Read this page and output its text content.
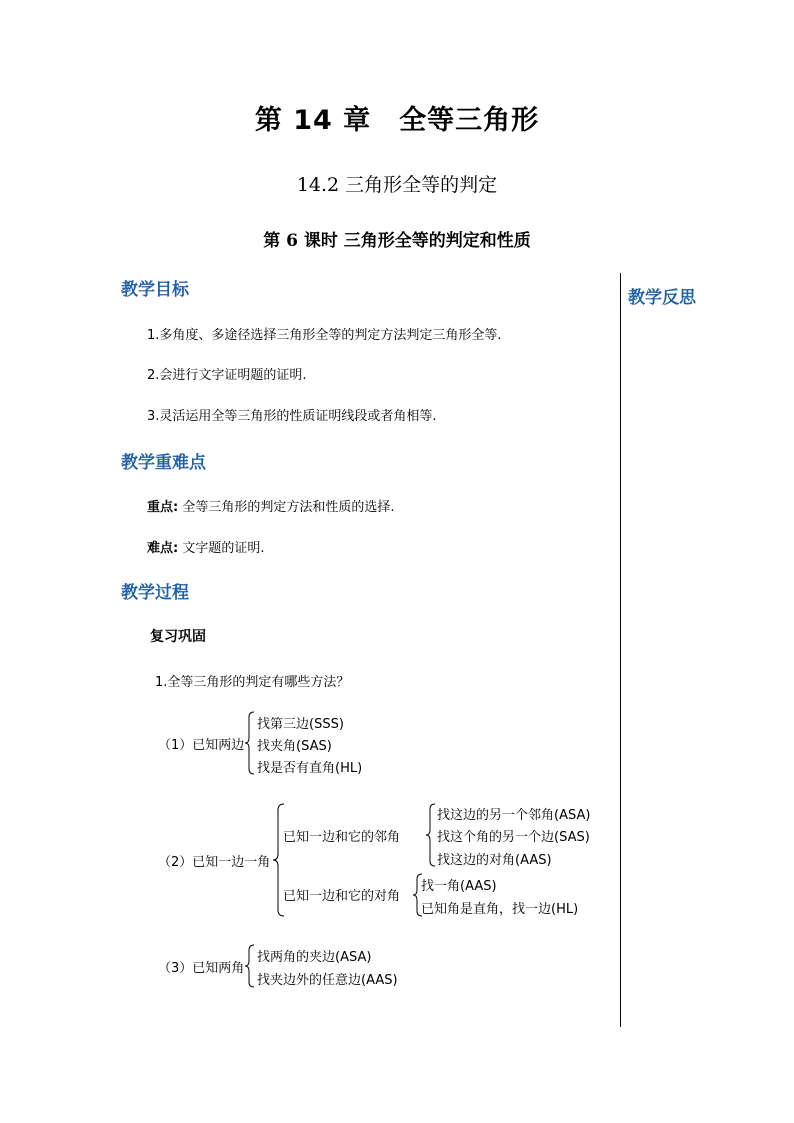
第 14 章　全等三角形
14.2 三角形全等的判定
第 6 课时 三角形全等的判定和性质
教学反思
教学目标
1.多角度、多途径选择三角形全等的判定方法判定三角形全等.
2.会进行文字证明题的证明.
3.灵活运用全等三角形的性质证明线段或者角相等.
教学重难点
重点: 全等三角形的判定方法和性质的选择.
难点: 文字题的证明.
教学过程
复习巩固
1.全等三角形的判定有哪些方法？
（1）已知两边
找第三边(SSS)
找夹角(SAS)
找是否有直角(HL)
（2）已知一边一角
已知一边和它的邻角
找这边的另一个邻角(ASA)
找这个角的另一个边(SAS)
找这边的对角(AAS)
已知一边和它的对角
找一角(AAS)
已知角是直角，找一边(HL)
（3）已知两角
找两角的夹边(ASA)
找夹边外的任意边(AAS)
